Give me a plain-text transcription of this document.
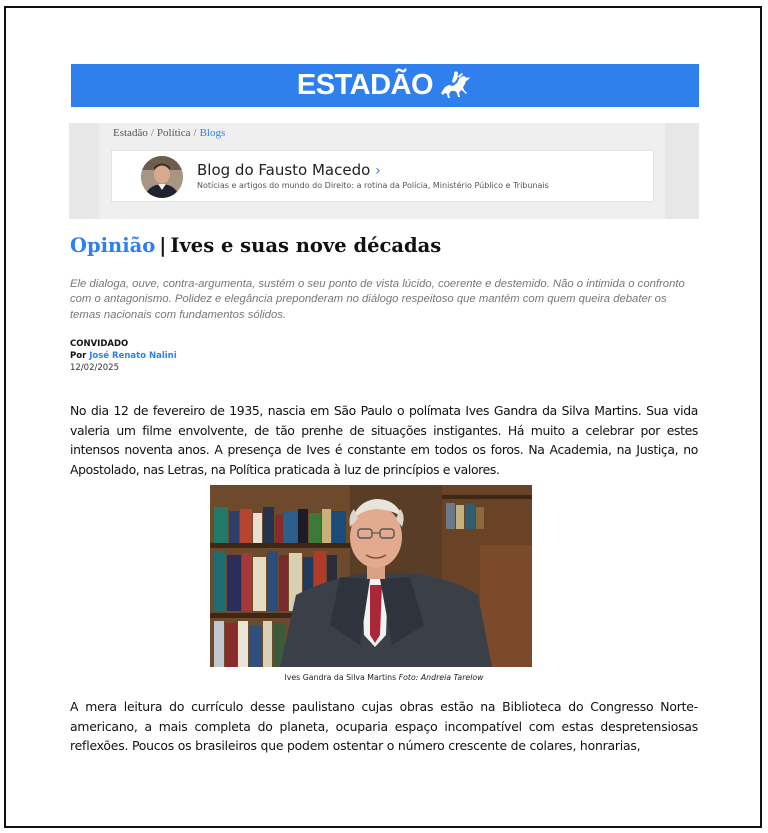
ESTADÃO
Estadão / Política / Blogs
Blog do Fausto Macedo ›
Notícias e artigos do mundo do Direito: a rotina da Polícia, Ministério Público e Tribunais
Opinião | Ives e suas nove décadas

Ele dialoga, ouve, contra-argumenta, sustém o seu ponto de vista lúcido, coerente e destemido. Não o intimida o confronto com o antagonismo. Polidez e elegância preponderam no diálogo respeitoso que mantém com quem queira debater os temas nacionais com fundamentos sólidos.

CONVIDADO
Por José Renato Nalini
12/02/2025

No dia 12 de fevereiro de 1935, nascia em São Paulo o polímata Ives Gandra da Silva Martins. Sua vida valeria um filme envolvente, de tão prenhe de situações instigantes. Há muito a celebrar por estes intensos noventa anos. A presença de Ives é constante em todos os foros. Na Academia, na Justiça, no Apostolado, nas Letras, na Política praticada à luz de princípios e valores.

Ives Gandra da Silva Martins Foto: Andreia Tarelow

A mera leitura do currículo desse paulistano cujas obras estão na Biblioteca do Congresso Norte-americano, a mais completa do planeta, ocuparia espaço incompatível com estas despretensiosas reflexões. Poucos os brasileiros que podem ostentar o número crescente de colares, honrarias,
